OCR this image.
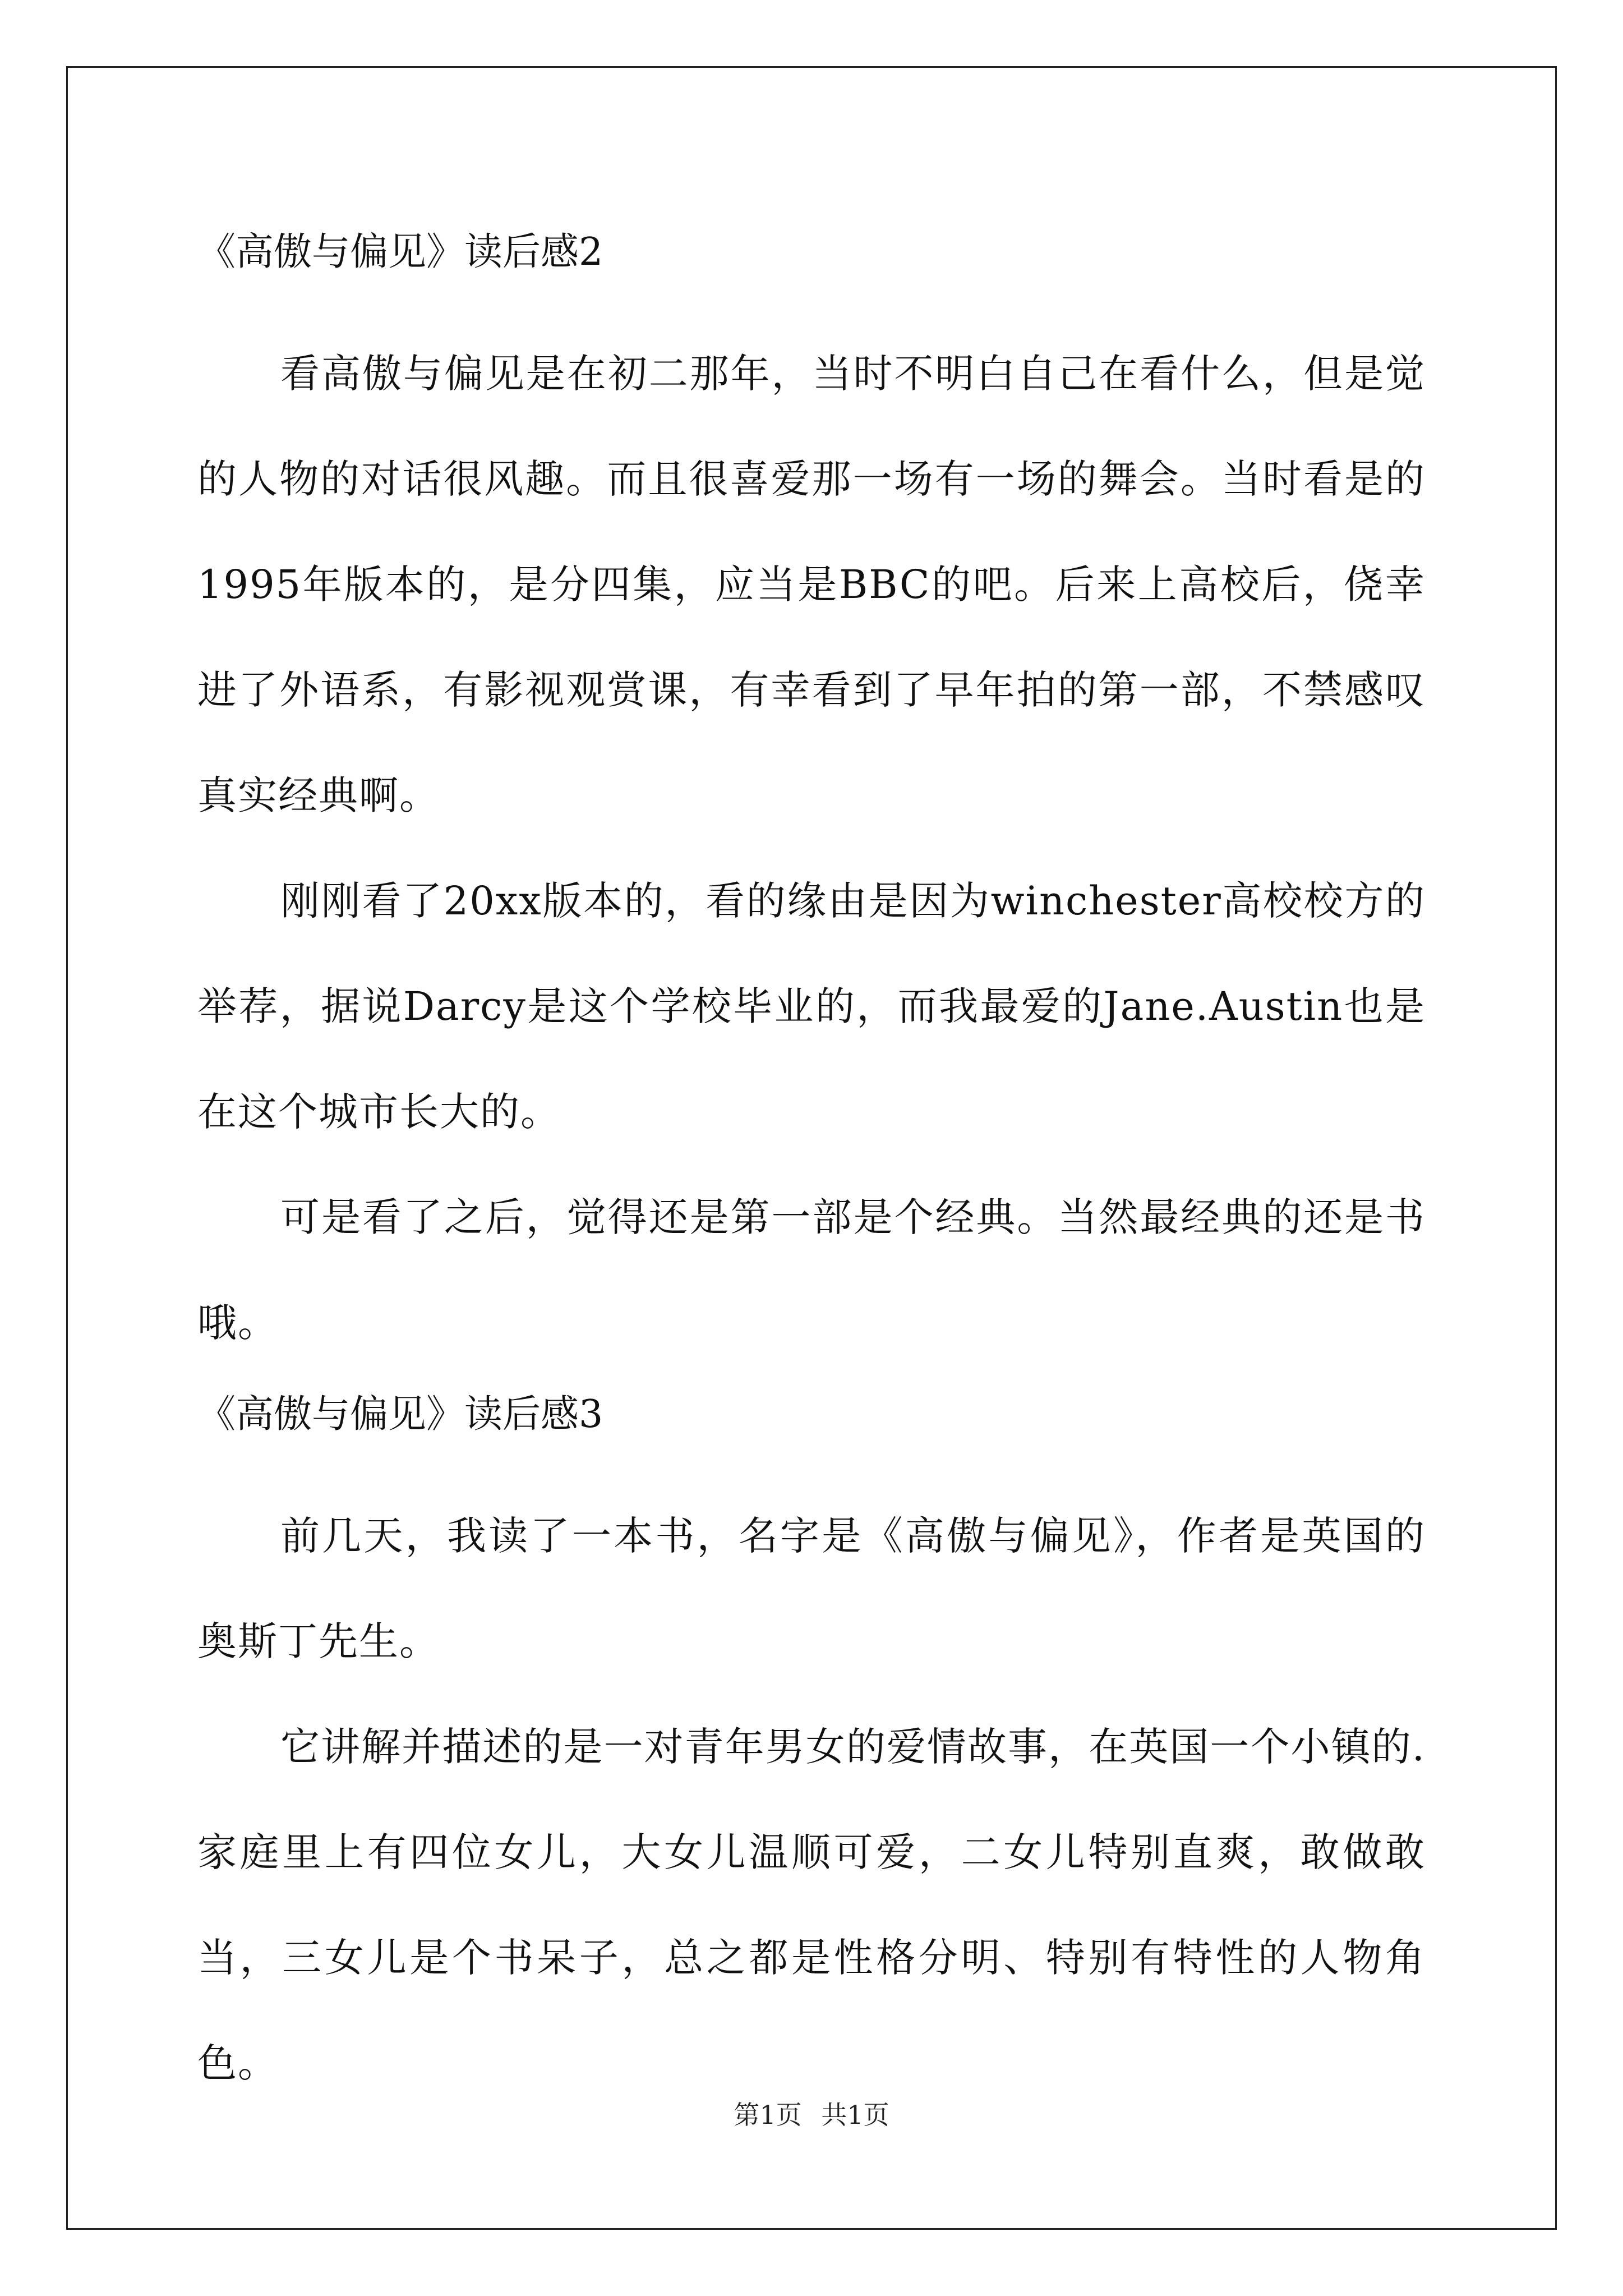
《高傲与偏见》读后感2

看高傲与偏见是在初二那年，当时不明白自己在看什么，但是觉的人物的对话很风趣。而且很喜爱那一场有一场的舞会。当时看是的1995年版本的，是分四集，应当是BBC的吧。后来上高校后，侥幸进了外语系，有影视观赏课，有幸看到了早年拍的第一部，不禁感叹真实经典啊。

刚刚看了20xx版本的，看的缘由是因为winchester高校校方的举荐，据说Darcy是这个学校毕业的，而我最爱的Jane.Austin也是在这个城市长大的。

可是看了之后，觉得还是第一部是个经典。当然最经典的还是书哦。

《高傲与偏见》读后感3

前几天，我读了一本书，名字是《高傲与偏见》，作者是英国的奥斯丁先生。

它讲解并描述的是一对青年男女的爱情故事，在英国一个小镇的.家庭里上有四位女儿，大女儿温顺可爱，二女儿特别直爽，敢做敢当，三女儿是个书呆子，总之都是性格分明、特别有特性的人物角色。

第1页 共1页
